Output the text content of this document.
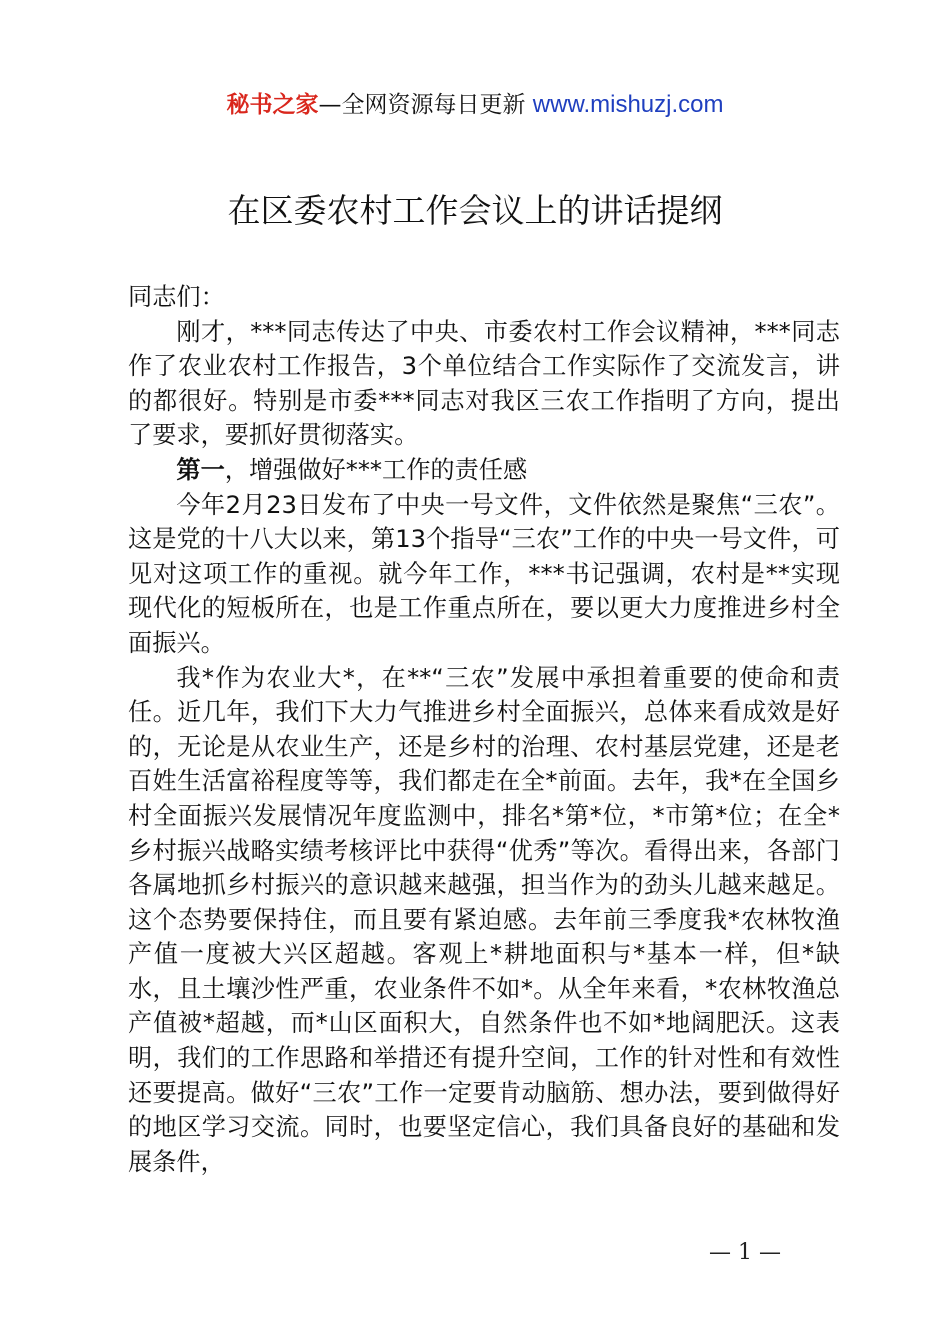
秘书之家—全网资源每日更新 www.mishuzj.com
在区委农村工作会议上的讲话提纲

同志们：

刚才，***同志传达了中央、市委农村工作会议精神，***同志作了农业农村工作报告，3个单位结合工作实际作了交流发言，讲的都很好。特别是市委***同志对我区三农工作指明了方向，提出了要求，要抓好贯彻落实。

第一，增强做好***工作的责任感

今年2月23日发布了中央一号文件，文件依然是聚焦“三农”。这是党的十八大以来，第13个指导“三农”工作的中央一号文件，可见对这项工作的重视。就今年工作，***书记强调，农村是**实现现代化的短板所在，也是工作重点所在，要以更大力度推进乡村全面振兴。

我*作为农业大*，在**“三农”发展中承担着重要的使命和责任。近几年，我们下大力气推进乡村全面振兴，总体来看成效是好的，无论是从农业生产，还是乡村的治理、农村基层党建，还是老百姓生活富裕程度等等，我们都走在全*前面。去年，我*在全国乡村全面振兴发展情况年度监测中，排名*第*位，*市第*位；在全*乡村振兴战略实绩考核评比中获得“优秀”等次。看得出来，各部门各属地抓乡村振兴的意识越来越强，担当作为的劲头儿越来越足。这个态势要保持住，而且要有紧迫感。去年前三季度我*农林牧渔产值一度被大兴区超越。客观上*耕地面积与*基本一样，但*缺水，且土壤沙性严重，农业条件不如*。从全年来看，*农林牧渔总产值被*超越，而*山区面积大，自然条件也不如*地阔肥沃。这表明，我们的工作思路和举措还有提升空间，工作的针对性和有效性还要提高。做好“三农”工作一定要肯动脑筋、想办法，要到做得好的地区学习交流。同时，也要坚定信心，我们具备良好的基础和发展条件，

— 1 —
